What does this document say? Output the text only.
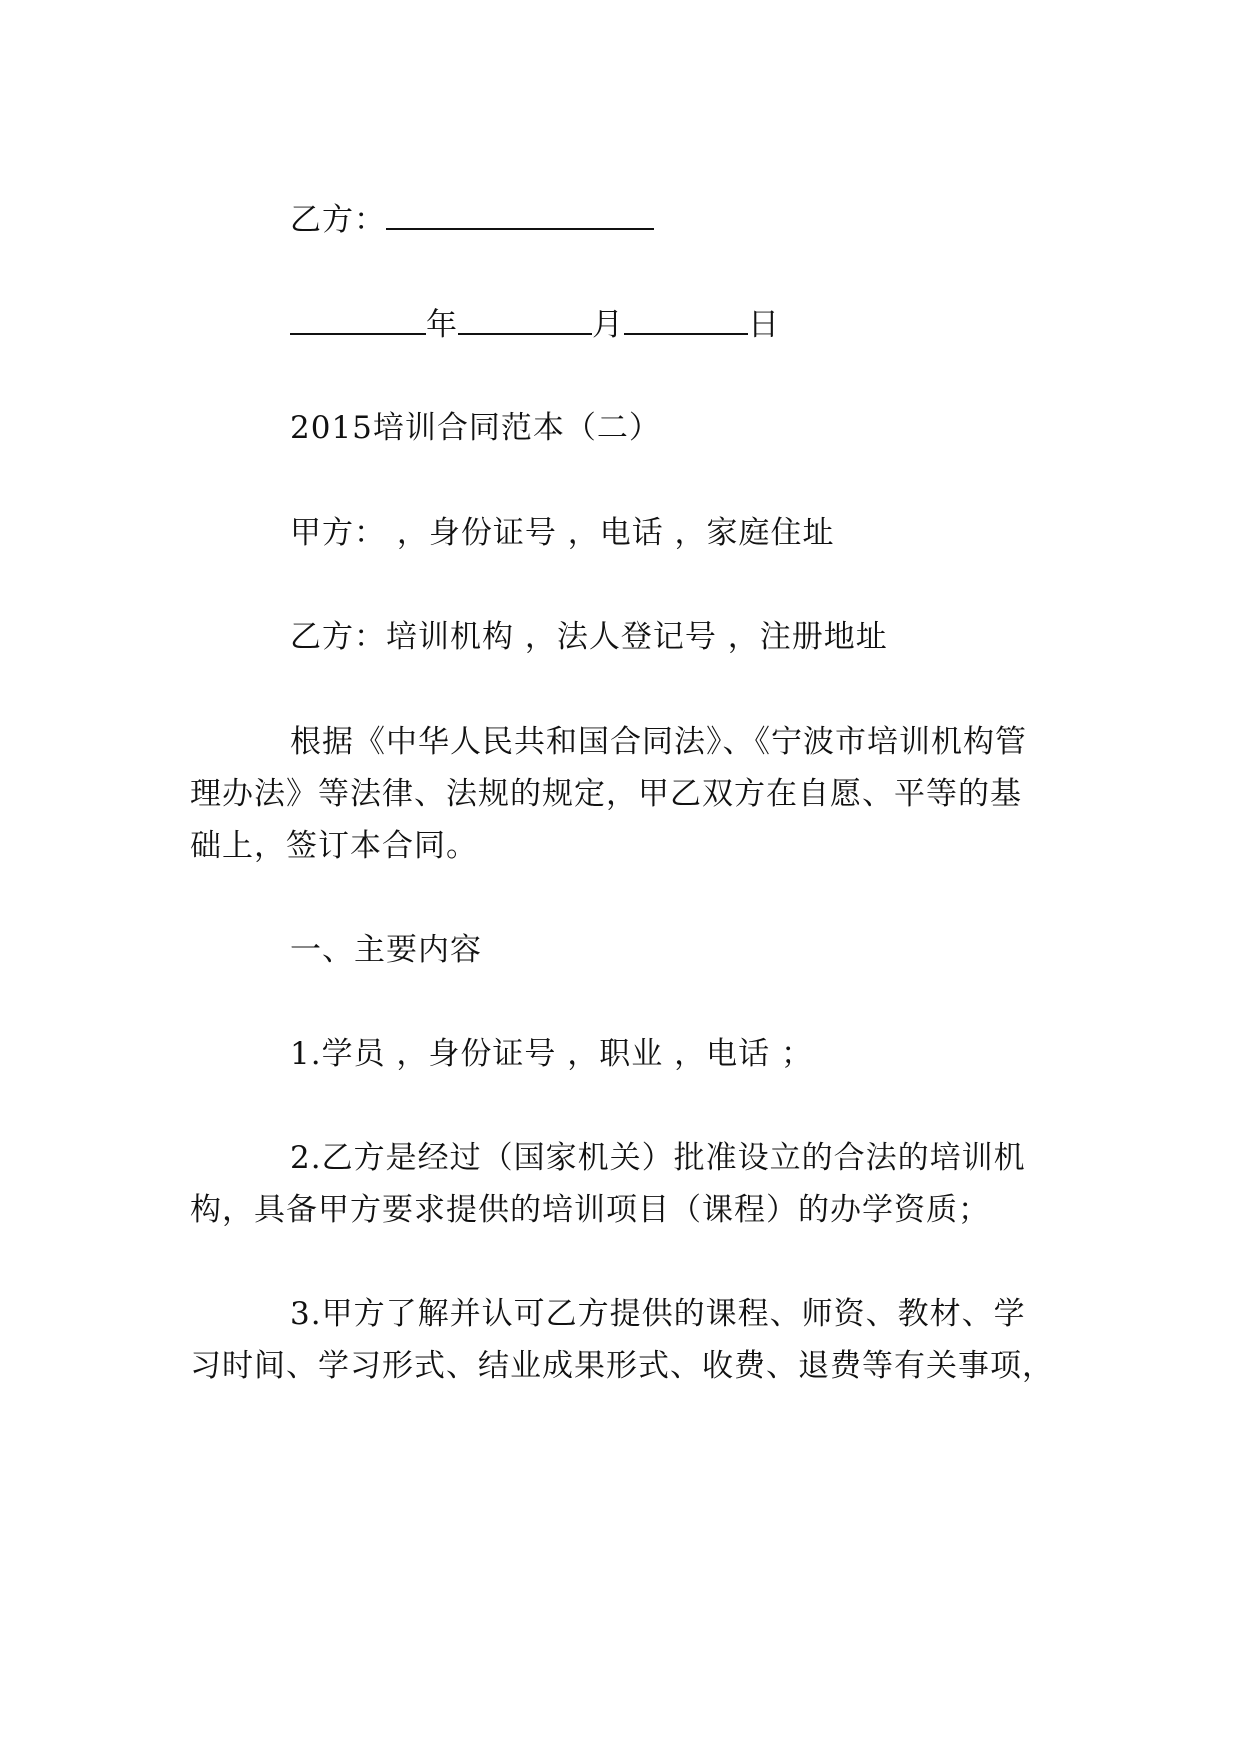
乙方：
年	月	日
2015培训合同范本（二）
甲方： ，身份证号 ，电话 ，家庭住址
乙方：培训机构 ，法人登记号 ，注册地址
根据《中华人民共和国合同法》、《宁波市培训机构管
理办法》等法律、法规的规定，甲乙双方在自愿、平等的基
础上，签订本合同。
一、主要内容
1.学员 ，身份证号 ，职业 ，电话 ；
2.乙方是经过（国家机关）批准设立的合法的培训机
构，具备甲方要求提供的培训项目（课程）的办学资质；
3.甲方了解并认可乙方提供的课程、师资、教材、学
习时间、学习形式、结业成果形式、收费、退费等有关事项，
